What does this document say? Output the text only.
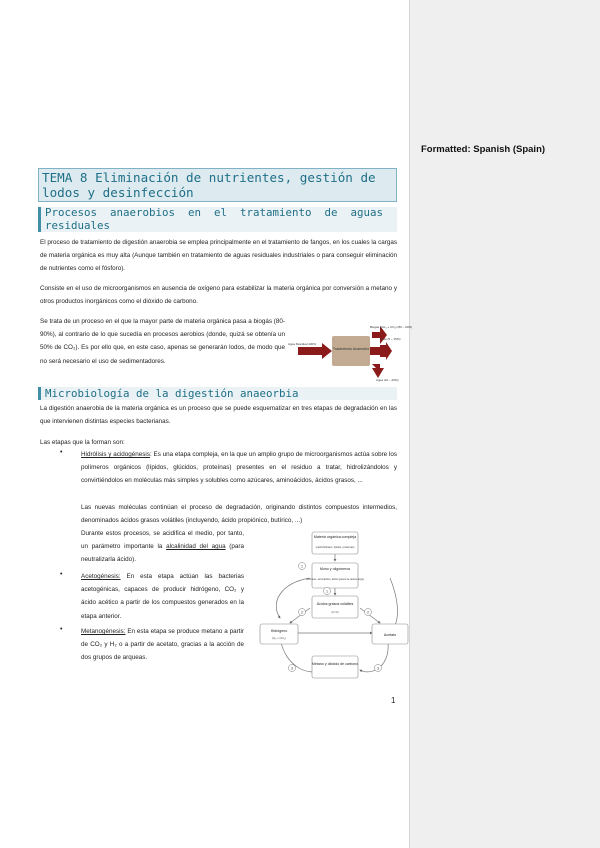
Formatted: Spanish (Spain)
TEMA 8 Eliminación de nutrientes, gestión de
lodos y desinfección
Procesos  anaerobios  en  el  tratamiento  de  aguas
residuales
El proceso de tratamiento de digestión anaerobia se emplea principalmente en el tratamiento de fangos, en los cuales la cargas de materia orgánica es muy alta (Aunque también en tratamiento de aguas residuales industriales o para conseguir eliminación de nutrientes como el fósforo).
Consiste en el uso de microorganismos en ausencia de oxígeno para estabilizar la materia orgánica por conversión a metano y otros productos inorgánicos como el dióxido de carbono.
Se trata de un proceso en el que la mayor parte de materia orgánica pasa a biogás (80-90%), al contrario de lo que sucedía en procesos aerobios (donde, quizá se obtenía un 50% de CO₂). Es por ello que, en este caso, apenas se generarán lodos, de modo que no será necesario el uso de sedimentadores.
Tratamiento Anaerobio
Agua Residual 100%
Biogas (CH₄ + CO₂) (80 – 90%)
Lodo (5 – 15%)
Agua (10 – 20%)
Microbiología de la digestión anaeorbia
La digestión anaerobia de la materia orgánica es un proceso que se puede esquematizar en tres etapas de degradación en las que intervienen distintas especies bacterianas.
Las etapas que la forman son:
•	Hidrólisis y acidogénesis: Es una etapa compleja, en la que un amplio grupo de microorganismos actúa sobre los polímeros orgánicos (lípidos, glúcidos, proteínas) presentes en el residuo a tratar, hidrolizándolos y convirtiéndolos en moléculas más simples y solubles como azúcares, aminoácidos, ácidos grasos, ...
Las nuevas moléculas continúan el proceso de degradación, originando distintos compuestos intermedios, denominados ácidos grasos volátiles (incluyendo, ácido propiónico, butírico, ...)
Durante estos procesos, se acidifica el medio, por tanto, un parámetro importante la alcalinidad del agua (para neutralizarla ácido).
•	Acetogénesis: En esta etapa actúan las bacterias acetogénicas, capaces de producir hidrógeno, CO₂ y ácido acético a partir de los compuestos generados en la etapa anterior.
•	Metanogénesis: En esta etapa se produce metano a partir de CO₂ y H₂ o a partir de acetato, gracias a la acción de dos grupos de arqueas.
Materia orgánica compleja
(carbohidratos, lípidos, proteínas)
Mono y oligómeros
(azúcares, aminoácidos, ácidos grasos de cadena larga)
Ácidos grasos volátiles
(C>2)
Hidrógeno
(H₂ + CO₂)
Acetato
Metano y dióxido de carbono
1
1
2	2
3	3
1
